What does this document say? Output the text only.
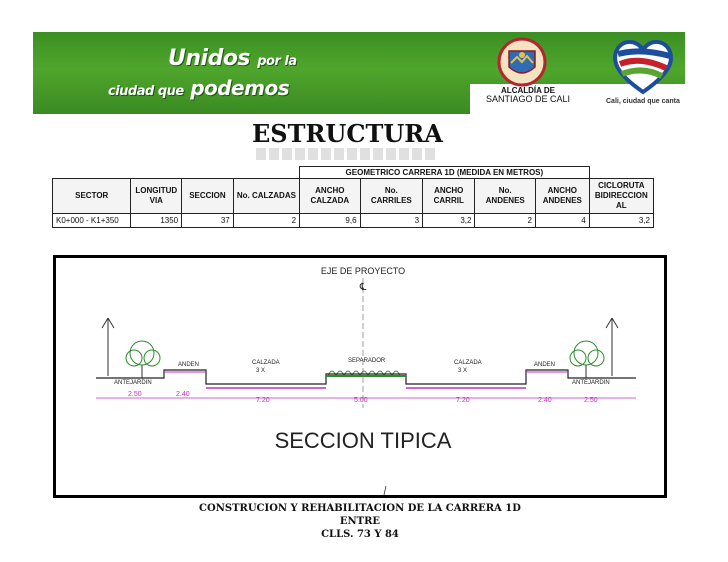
Unidos por la
ciudad que podemos	ALCALDÍA DE
SANTIAGO DE CALI	Cali, ciudad que canta
ESTRUCTURA
				GEOMETRICO CARRERA 1D (MEDIDA EN METROS)					
SECTOR	LONGITUD VIA	SECCION	No. CALZADAS	ANCHO CALZADA	No. CARRILES	ANCHO CARRIL	No. ANDENES	ANCHO ANDENES	CICLORUTA BIDIRECCION AL
K0+000 - K1+350	1350	37	2	9,6	3	3,2	2	4	3,2
EJE DE PROYECTO
℄
ANDEN
ANTEJARDIN
CALZADA
3 X
SEPARADOR	CALZADA
3 X
ANDEN
ANTEJARDIN
2.50	2.40
7.20	5.00	7.20	2.40	2.50
SECCION TIPICA
CONSTRUCION Y REHABILITACION DE LA CARRERA 1D ENTRE
CLLS. 73 Y 84
